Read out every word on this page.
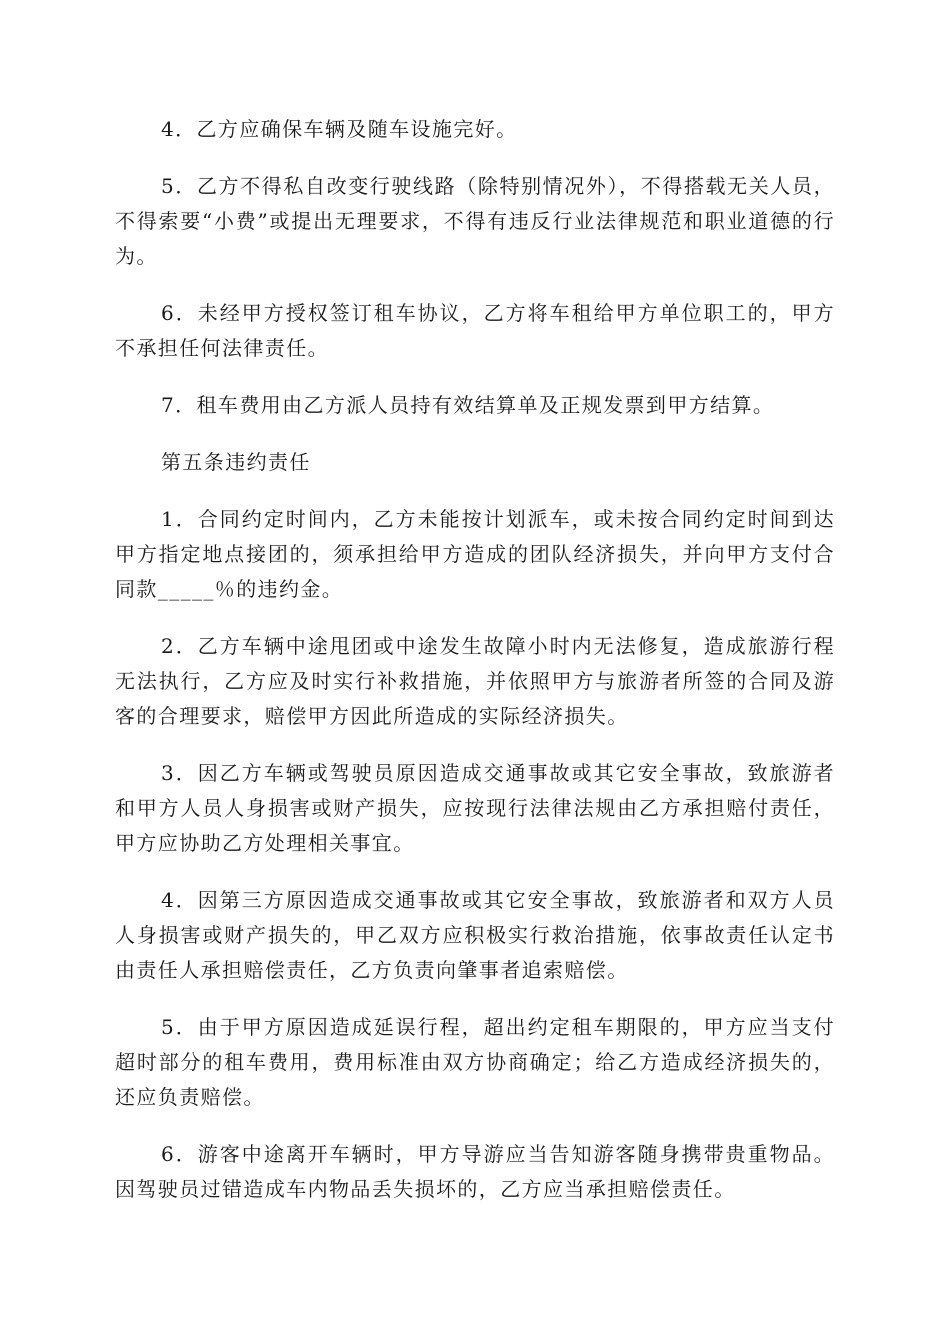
4．乙方应确保车辆及随车设施完好。

5．乙方不得私自改变行驶线路（除特别情况外），不得搭载无关人员，不得索要“小费”或提出无理要求，不得有违反行业法律规范和职业道德的行为。

6．未经甲方授权签订租车协议，乙方将车租给甲方单位职工的，甲方不承担任何法律责任。

7．租车费用由乙方派人员持有效结算单及正规发票到甲方结算。

第五条违约责任

1．合同约定时间内，乙方未能按计划派车，或未按合同约定时间到达甲方指定地点接团的，须承担给甲方造成的团队经济损失，并向甲方支付合同款_____％的违约金。

2．乙方车辆中途甩团或中途发生故障小时内无法修复，造成旅游行程无法执行，乙方应及时实行补救措施，并依照甲方与旅游者所签的合同及游客的合理要求，赔偿甲方因此所造成的实际经济损失。

3．因乙方车辆或驾驶员原因造成交通事故或其它安全事故，致旅游者和甲方人员人身损害或财产损失，应按现行法律法规由乙方承担赔付责任，甲方应协助乙方处理相关事宜。

4．因第三方原因造成交通事故或其它安全事故，致旅游者和双方人员人身损害或财产损失的，甲乙双方应积极实行救治措施，依事故责任认定书由责任人承担赔偿责任，乙方负责向肇事者追索赔偿。

5．由于甲方原因造成延误行程，超出约定租车期限的，甲方应当支付超时部分的租车费用，费用标准由双方协商确定；给乙方造成经济损失的，还应负责赔偿。

6．游客中途离开车辆时，甲方导游应当告知游客随身携带贵重物品。因驾驶员过错造成车内物品丢失损坏的，乙方应当承担赔偿责任。
